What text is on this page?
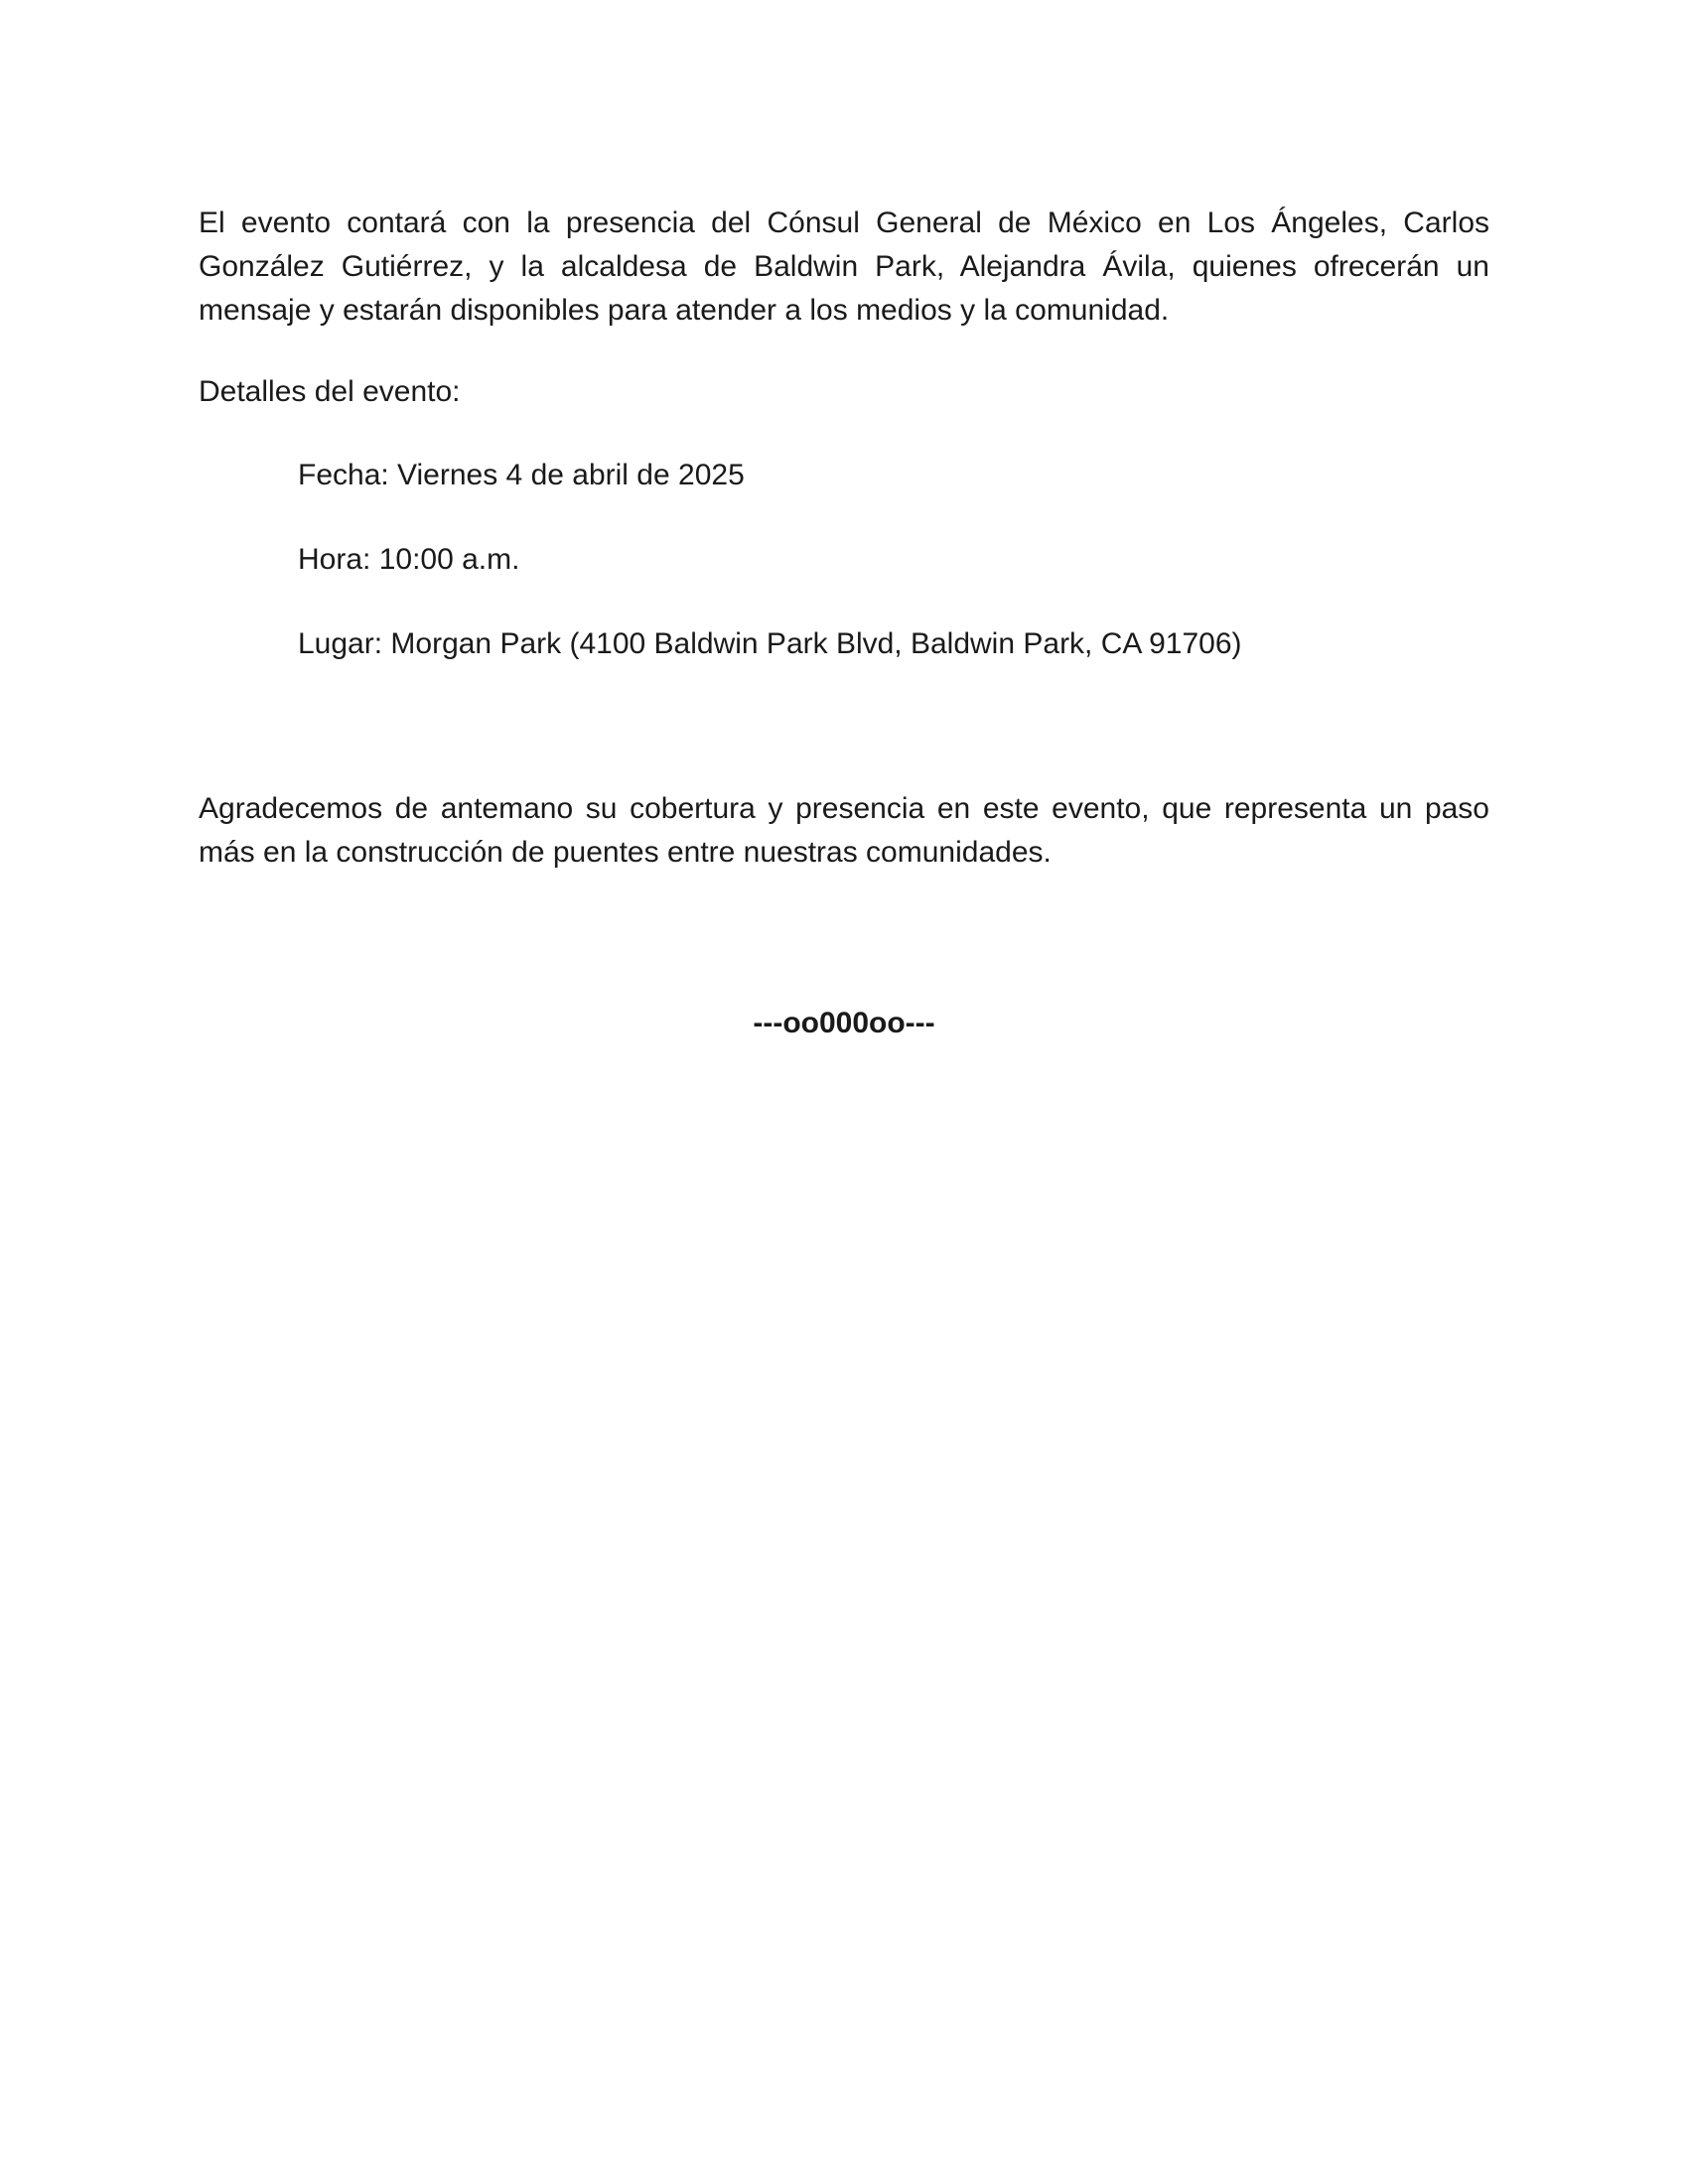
El evento contará con la presencia del Cónsul General de México en Los Ángeles, Carlos González Gutiérrez, y la alcaldesa de Baldwin Park, Alejandra Ávila, quienes ofrecerán un mensaje y estarán disponibles para atender a los medios y la comunidad.

Detalles del evento:

Fecha: Viernes 4 de abril de 2025

Hora: 10:00 a.m.

Lugar: Morgan Park (4100 Baldwin Park Blvd, Baldwin Park, CA 91706)

Agradecemos de antemano su cobertura y presencia en este evento, que representa un paso más en la construcción de puentes entre nuestras comunidades.

---oo000oo---
